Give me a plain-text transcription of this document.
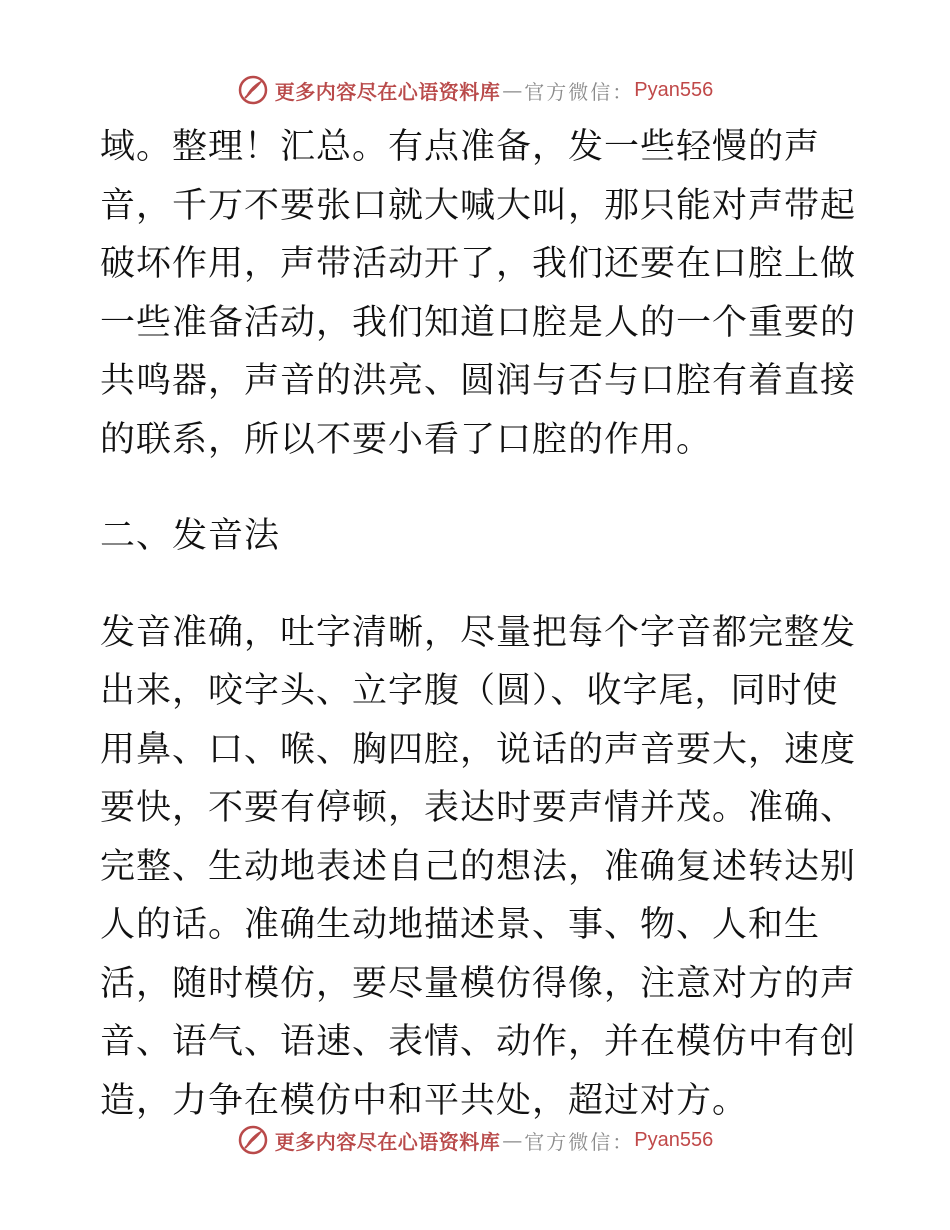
更多内容尽在心语资料库 — 官方微信： Pyan556

域。整理！汇总。有点准备，发一些轻慢的声音，千万不要张口就大喊大叫，那只能对声带起破坏作用，声带活动开了，我们还要在口腔上做一些准备活动，我们知道口腔是人的一个重要的共鸣器，声音的洪亮、圆润与否与口腔有着直接的联系，所以不要小看了口腔的作用。

二、发音法

发音准确，吐字清晰，尽量把每个字音都完整发出来，咬字头、立字腹（圆）、收字尾，同时使用鼻、口、喉、胸四腔，说话的声音要大，速度要快，不要有停顿，表达时要声情并茂。准确、完整、生动地表述自己的想法，准确复述转达别人的话。准确生动地描述景、事、物、人和生活，随时模仿，要尽量模仿得像，注意对方的声音、语气、语速、表情、动作，并在模仿中有创造，力争在模仿中和平共处，超过对方。

更多内容尽在心语资料库 — 官方微信： Pyan556
